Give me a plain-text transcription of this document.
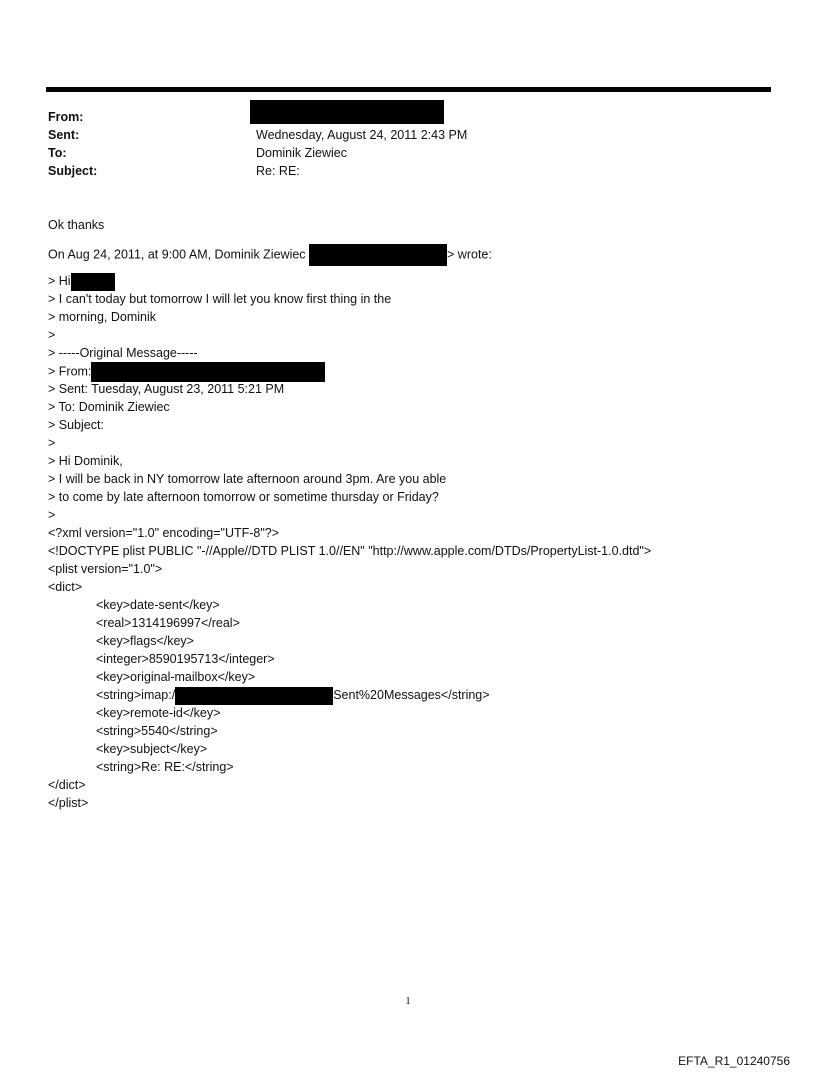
From:
Sent:	Wednesday, August 24, 2011 2:43 PM
To:	Dominik Ziewiec
Subject:	Re: RE:
Ok thanks
On Aug 24, 2011, at 9:00 AM, Dominik Ziewiec	> wrote:
> Hi
> I can't today but tomorrow I will let you know first thing in the
> morning, Dominik
>
> -----Original Message-----
> From:
> Sent: Tuesday, August 23, 2011 5:21 PM
> To: Dominik Ziewiec
> Subject:
>
> Hi Dominik,
> I will be back in NY tomorrow late afternoon around 3pm. Are you able
> to come by late afternoon tomorrow or sometime thursday or Friday?
>
<?xml version="1.0" encoding="UTF-8"?>
<!DOCTYPE plist PUBLIC "-//Apple//DTD PLIST 1.0//EN" "http://www.apple.com/DTDs/PropertyList-1.0.dtd">
<plist version="1.0">
<dict>
<key>date-sent</key>
<real>1314196997</real>
<key>flags</key>
<integer>8590195713</integer>
<key>original-mailbox</key>
<string>imap:/	Sent%20Messages</string>
<key>remote-id</key>
<string>5540</string>
<key>subject</key>
<string>Re: RE:</string>
</dict>
</plist>
1
EFTA_R1_01240756
